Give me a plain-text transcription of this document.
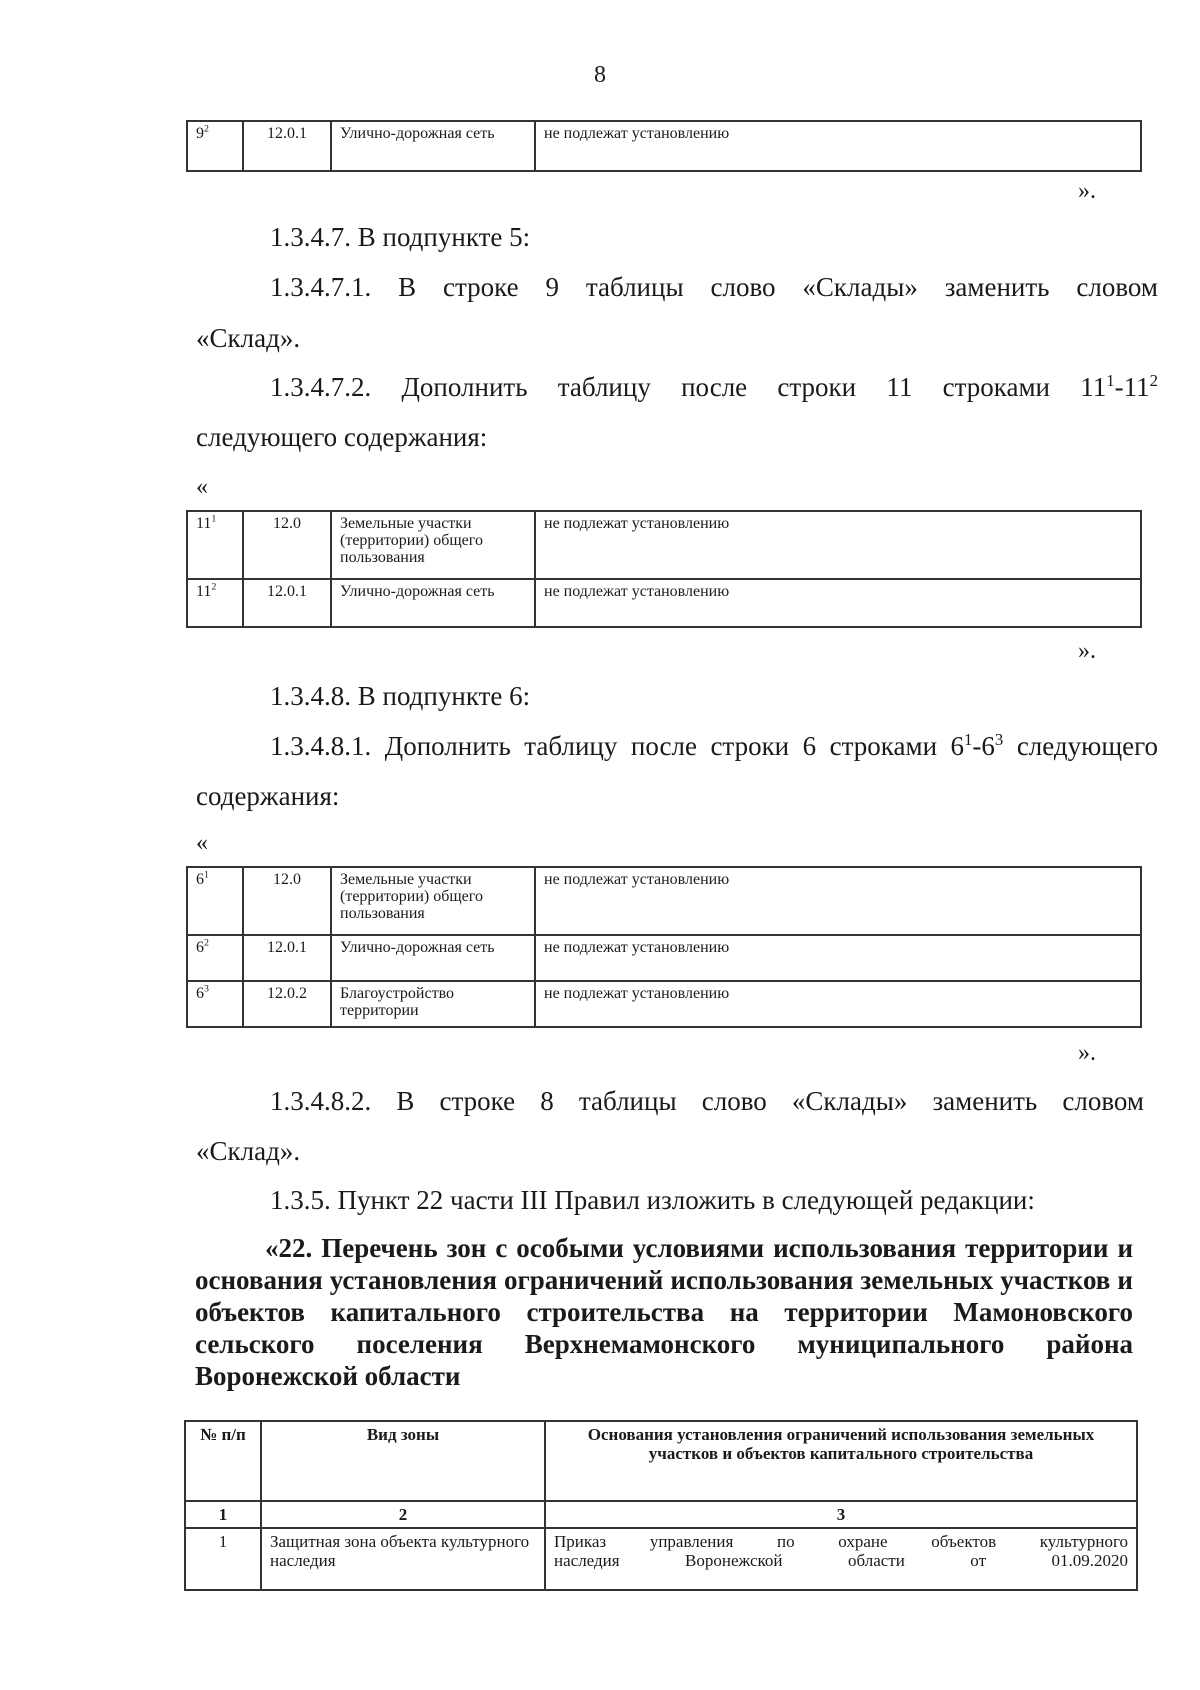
8
$9^2$	12.0.1	Улично-дорожная сеть	не подлежат установлению
».
1.3.4.7. В подпункте 5:
1.3.4.7.1. В строке 9 таблицы слово «Склады» заменить словом
«Склад».
1.3.4.7.2. Дополнить таблицу после строки 11 строками $11^1-11^2$
следующего содержания:
«
$11^1$	12.0	Земельные участки (территории) общего пользования	не подлежат установлению
$11^2$	12.0.1	Улично-дорожная сеть	не подлежат установлению
».
1.3.4.8. В подпункте 6:
1.3.4.8.1. Дополнить таблицу после строки 6 строками $6^1-6^3$ следующего
содержания:
«
$6^1$	12.0	Земельные участки (территории) общего пользования	не подлежат установлению
$6^2$	12.0.1	Улично-дорожная сеть	не подлежат установлению
$6^3$	12.0.2	Благоустройство территории	не подлежат установлению
».
1.3.4.8.2. В строке 8 таблицы слово «Склады» заменить словом
«Склад».
1.3.5. Пункт 22 части III Правил изложить в следующей редакции:
«22. Перечень зон с особыми условиями использования территории и основания установления ограничений использования земельных участков и объектов капитального строительства на территории Мамоновского сельского поселения Верхнемамонского муниципального района Воронежской области
№ п/п	Вид зоны	Основания установления ограничений использования земельных участков и объектов капитального строительства
1	2	3
1	Защитная зона объекта культурного наследия	Приказ управления по охране объектов культурного
наследия Воронежской области от 01.09.2020
